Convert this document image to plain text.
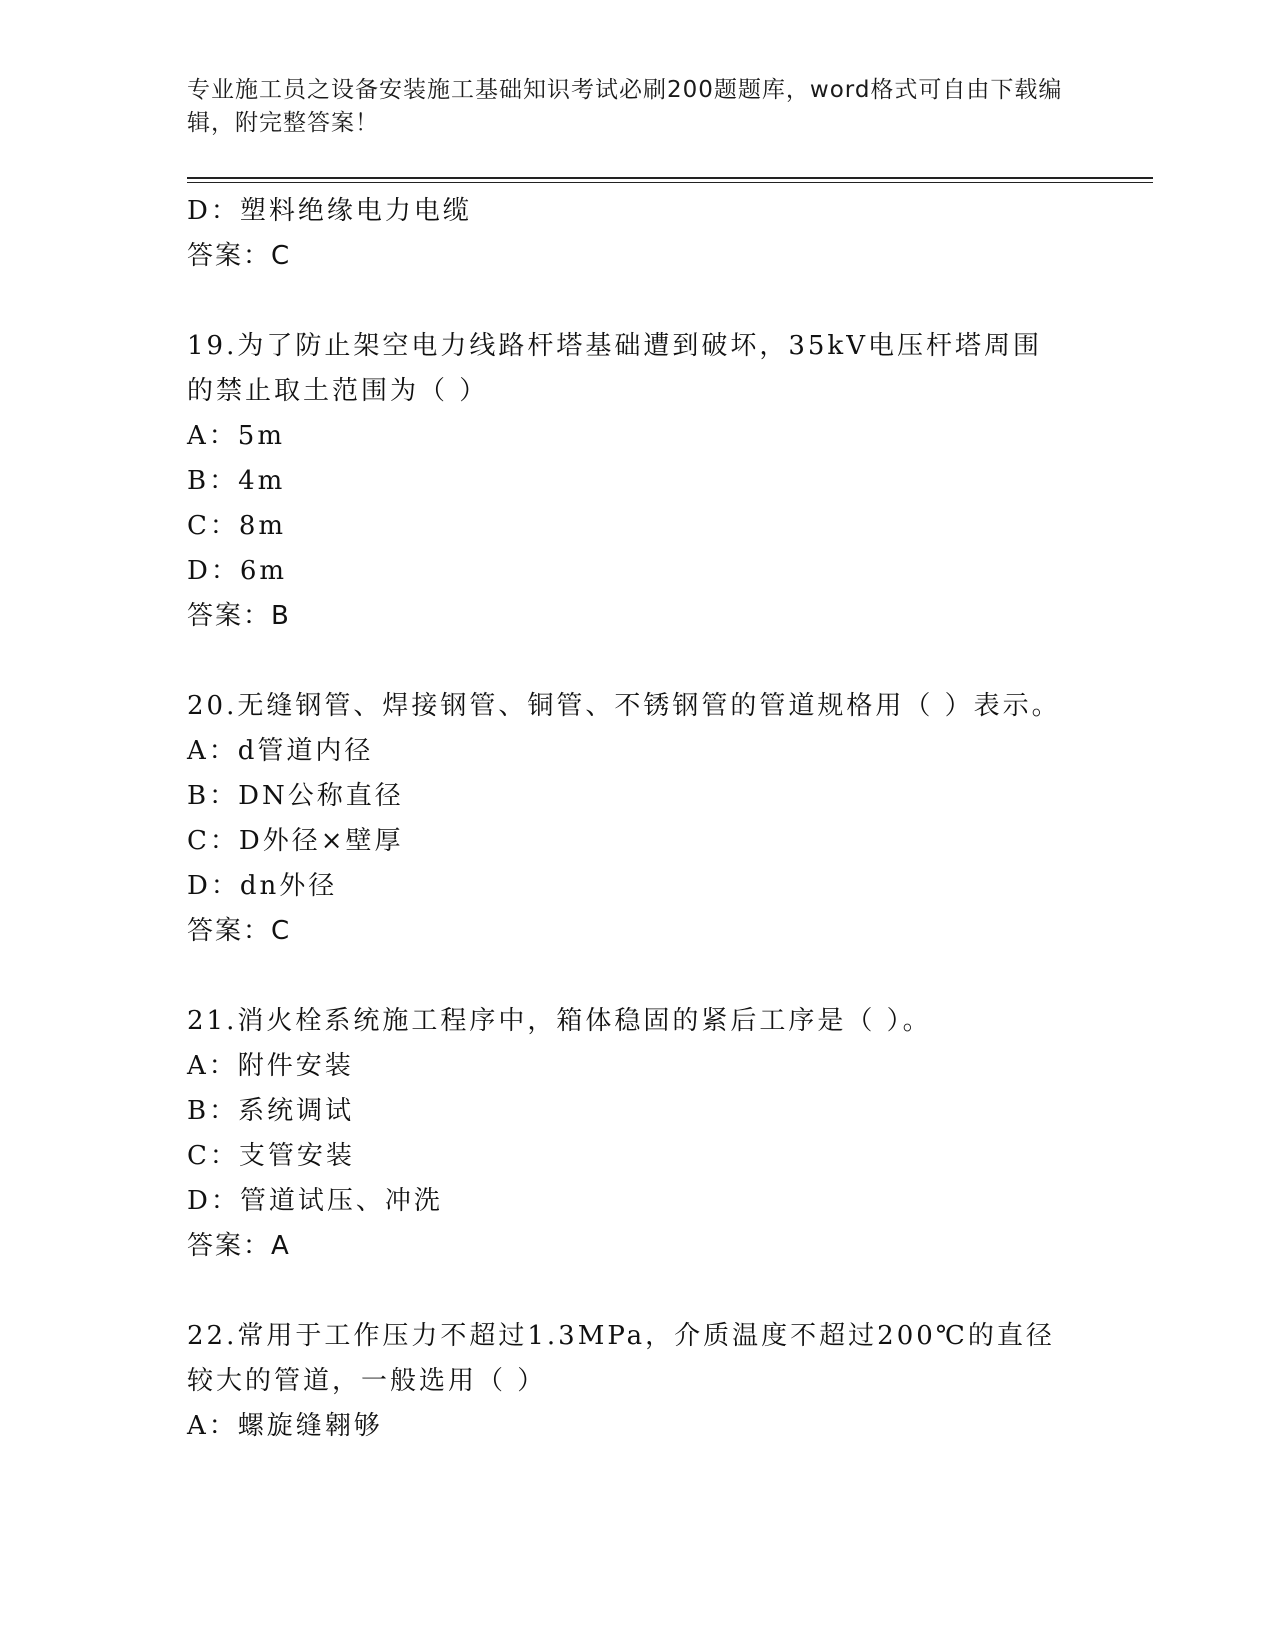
专业施工员之设备安装施工基础知识考试必刷200题题库，word格式可自由下载编辑，附完整答案！
D：塑料绝缘电力电缆
答案：C
19.为了防止架空电力线路杆塔基础遭到破坏，35kV电压杆塔周围的禁止取土范围为（ ）
A：5m
B：4m
C：8m
D：6m
答案：B
20.无缝钢管、焊接钢管、铜管、不锈钢管的管道规格用（ ）表示。
A：d管道内径
B：DN公称直径
C：D外径×壁厚
D：dn外径
答案：C
21.消火栓系统施工程序中，箱体稳固的紧后工序是（ ）。
A：附件安装
B：系统调试
C：支管安装
D：管道试压、冲洗
答案：A
22.常用于工作压力不超过1.3MPa，介质温度不超过200℃的直径较大的管道，一般选用（ ）
A：螺旋缝翱够
